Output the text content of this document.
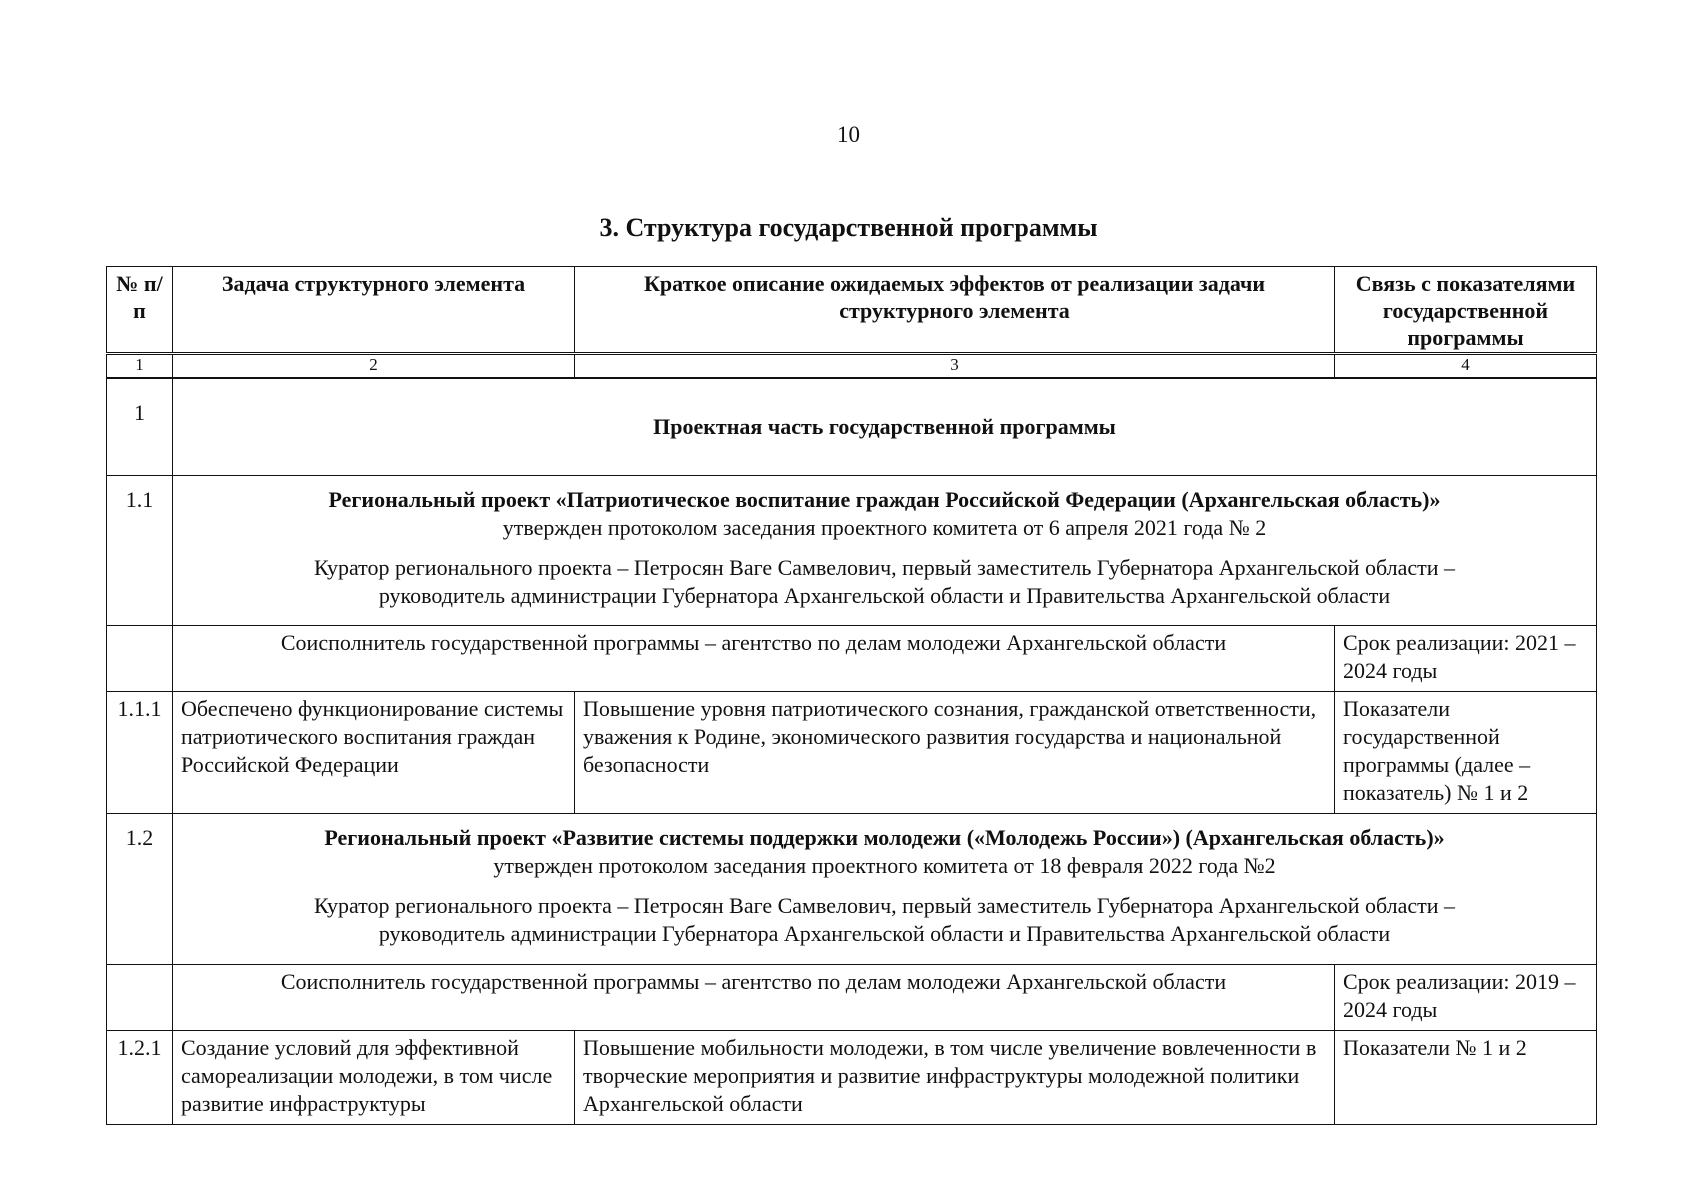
10
3. Структура государственной программы
№ п/п	Задача структурного элемента	Краткое описание ожидаемых эффектов от реализации задачи структурного элемента	Связь с показателями государственной программы
1	2	3	4
1	Проектная часть государственной программы		
1.1	Региональный проект «Патриотическое воспитание граждан Российской Федерации (Архангельская область)»

утвержден протоколом заседания проектного комитета от 6 апреля 2021 года № 2

Куратор регионального проекта – Петросян Ваге Самвелович, первый заместитель Губернатора Архангельской области –

руководитель администрации Губернатора Архангельской области и Правительства Архангельской области		

	Соисполнитель государственной программы – агентство по делам молодежи Архангельской области		Срок реализации: 2021 – 2024 годы
1.1.1	Обеспечено функционирование системы патриотического воспитания граждан Российской Федерации	Повышение уровня патриотического сознания, гражданской ответственности, уважения к Родине, экономического развития государства и национальной безопасности	Показатели государственной программы (далее – показатель) № 1 и 2
1.2	Региональный проект «Развитие системы поддержки молодежи («Молодежь России») (Архангельская область)»

утвержден протоколом заседания проектного комитета от 18 февраля 2022 года №2

Куратор регионального проекта – Петросян Ваге Самвелович, первый заместитель Губернатора Архангельской области –

руководитель администрации Губернатора Архангельской области и Правительства Архангельской области		

	Соисполнитель государственной программы – агентство по делам молодежи Архангельской области		Срок реализации: 2019 – 2024 годы
1.2.1	Создание условий для эффективной самореализации молодежи, в том числе развитие инфраструктуры	Повышение мобильности молодежи, в том числе увеличение вовлеченности в творческие мероприятия и развитие инфраструктуры молодежной политики Архангельской области	Показатели № 1 и 2
